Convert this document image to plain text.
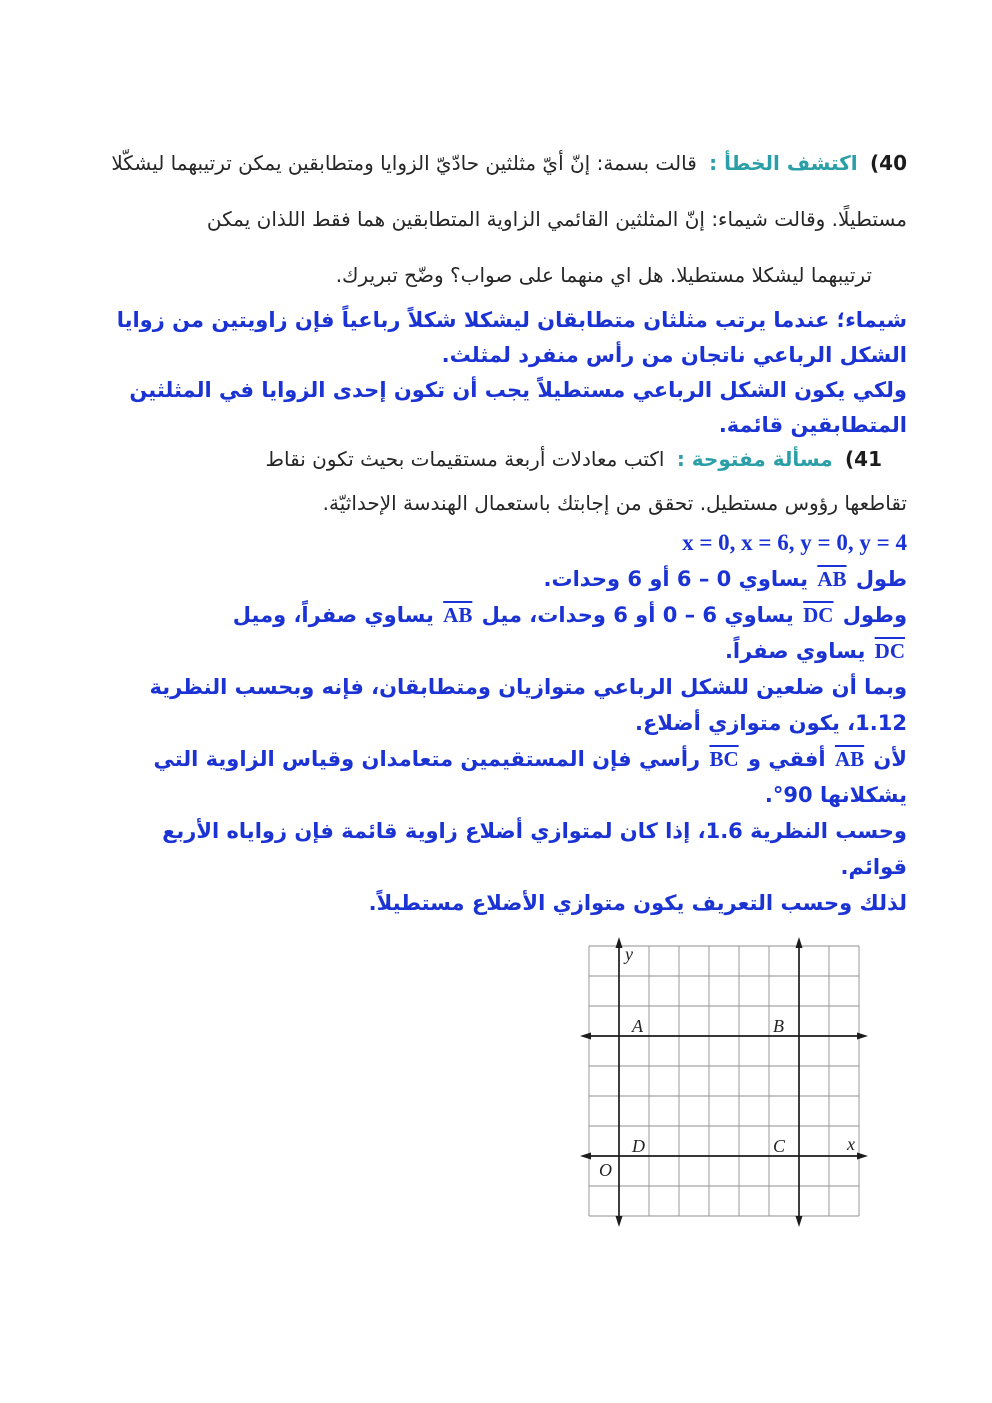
(40 اكتشف الخطأ : قالت بسمة: إنّ أيّ مثلثين حادّيّ الزوايا ومتطابقين يمكن ترتيبهما ليشكّلا
مستطيلًا. وقالت شيماء: إنّ المثلثين القائمي الزاوية المتطابقين هما فقط اللذان يمكن
ترتيبهما ليشكلا مستطيلا. هل اي منهما على صواب؟ وضّح تبريرك.
شيماء؛ عندما يرتب مثلثان متطابقان ليشكلا شكلاً رباعياً فإن زاويتين من زوايا
الشكل الرباعي ناتجان من رأس منفرد لمثلث.
ولكي يكون الشكل الرباعي مستطيلاً يجب أن تكون إحدى الزوايا في المثلثين
المتطابقين قائمة.
(41 مسألة مفتوحة : اكتب معادلات أربعة مستقيمات بحيث تكون نقاط
تقاطعها رؤوس مستطيل. تحقق من إجابتك باستعمال الهندسة الإحداثيّة.
x = 0, x = 6, y = 0, y = 4
طول $\overline{AB}$ يساوي ⁦6 – 0⁩ أو 6 وحدات.
وطول $\overline{DC}$ يساوي ⁦0 – 6⁩ أو 6 وحدات، ميل $\overline{AB}$ يساوي صفراً، وميل
$\overline{DC}$ يساوي صفراً.
وبما أن ضلعين للشكل الرباعي متوازيان ومتطابقان، فإنه وبحسب النظرية
1.12، يكون متوازي أضلاع.
لأن $\overline{AB}$ أفقي و $\overline{BC}$ رأسي فإن المستقيمين متعامدان وقياس الزاوية التي
يشكلانها 90°.
وحسب النظرية 1.6، إذا كان لمتوازي أضلاع زاوية قائمة فإن زواياه الأربع
قوائم.
لذلك وحسب التعريف يكون متوازي الأضلاع مستطيلاً.
y
x
O
A	B
D	C
